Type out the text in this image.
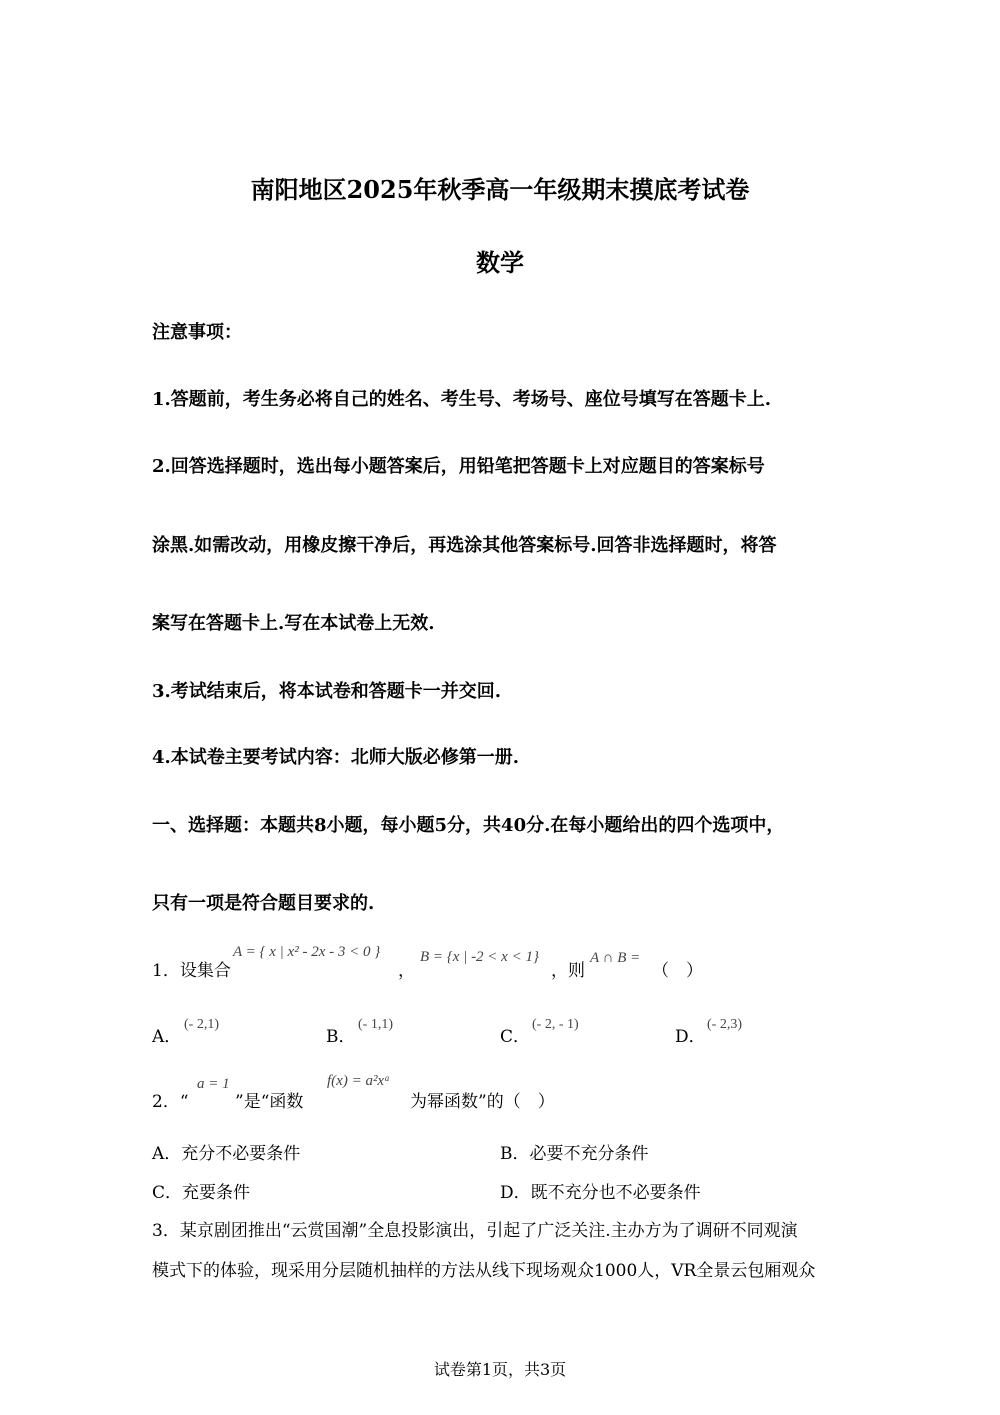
南阳地区2025年秋季高一年级期末摸底考试卷
数学
注意事项：
1.答题前，考生务必将自己的姓名、考生号、考场号、座位号填写在答题卡上.
2.回答选择题时，选出每小题答案后，用铅笔把答题卡上对应题目的答案标号
涂黑.如需改动，用橡皮擦干净后，再选涂其他答案标号.回答非选择题时，将答
案写在答题卡上.写在本试卷上无效.
3.考试结束后，将本试卷和答题卡一并交回.
4.本试卷主要考试内容：北师大版必修第一册.
一、选择题：本题共8小题，每小题5分，共40分.在每小题给出的四个选项中，
只有一项是符合题目要求的.
1．设集合
A = { x | x² - 2x - 3 < 0 }
，
B = {x | -2 < x < 1}
，则
A ∩ B =
（　）
A．
(- 2,1)
B．
(- 1,1)
C．
(- 2, - 1)
D．
(- 2,3)
2．“
a = 1
”是“函数
f(x) = a²xᵃ
为幂函数”的（　）
A．充分不必要条件	B．必要不充分条件
C．充要条件	D．既不充分也不必要条件
3．某京剧团推出“云赏国潮”全息投影演出，引起了广泛关注.主办方为了调研不同观演
模式下的体验，现采用分层随机抽样的方法从线下现场观众1000人，VR全景云包厢观众
试卷第1页，共3页
